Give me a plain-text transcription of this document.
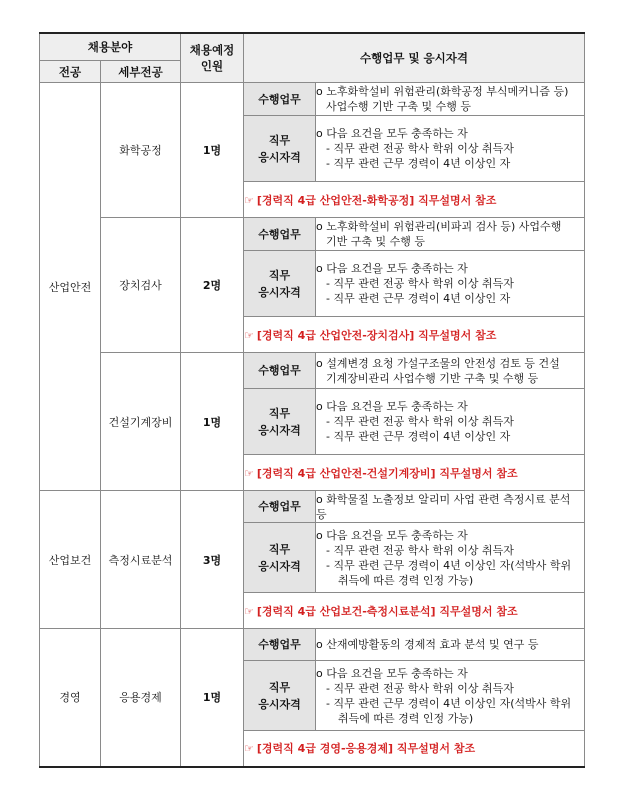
채용분야		채용예정
인원	수행업무 및 응시자격	
전공	세부전공			
산업안전	화학공정	1명	수행업무	o 노후화학설비 위험관리(화학공정 부식메커니즘 등)
사업수행 기반 구축 및 수행 등

			직무
응시자격	o 다음 요건을 모두 충족하는 자
- 직무 관련 전공 학사 학위 이상 취득자
- 직무 관련 근무 경력이 4년 이상인 자

			☞ [경력직 4급 산업안전-화학공정] 직무설명서 참조	
	장치검사	2명	수행업무	o 노후화학설비 위험관리(비파괴 검사 등) 사업수행
기반 구축 및 수행 등

			직무
응시자격	o 다음 요건을 모두 충족하는 자
- 직무 관련 전공 학사 학위 이상 취득자
- 직무 관련 근무 경력이 4년 이상인 자

			☞ [경력직 4급 산업안전-장치검사] 직무설명서 참조	
	건설기계장비	1명	수행업무	o 설계변경 요청 가설구조물의 안전성 검토 등 건설
기계장비관리 사업수행 기반 구축 및 수행 등

			직무
응시자격	o 다음 요건을 모두 충족하는 자
- 직무 관련 전공 학사 학위 이상 취득자
- 직무 관련 근무 경력이 4년 이상인 자

			☞ [경력직 4급 산업안전-건설기계장비] 직무설명서 참조	
산업보건	측정시료분석	3명	수행업무	o 화학물질 노출정보 알리미 사업 관련 측정시료 분석 등

			직무
응시자격	o 다음 요건을 모두 충족하는 자
- 직무 관련 전공 학사 학위 이상 취득자
- 직무 관련 근무 경력이 4년 이상인 자(석박사 학위
취득에 따른 경력 인정 가능)

			☞ [경력직 4급 산업보건-측정시료분석] 직무설명서 참조	
경영	응용경제	1명	수행업무	o 산재예방활동의 경제적 효과 분석 및 연구 등

			직무
응시자격	o 다음 요건을 모두 충족하는 자
- 직무 관련 전공 학사 학위 이상 취득자
- 직무 관련 근무 경력이 4년 이상인 자(석박사 학위
취득에 따른 경력 인정 가능)

			☞ [경력직 4급 경영-응용경제] 직무설명서 참조	
